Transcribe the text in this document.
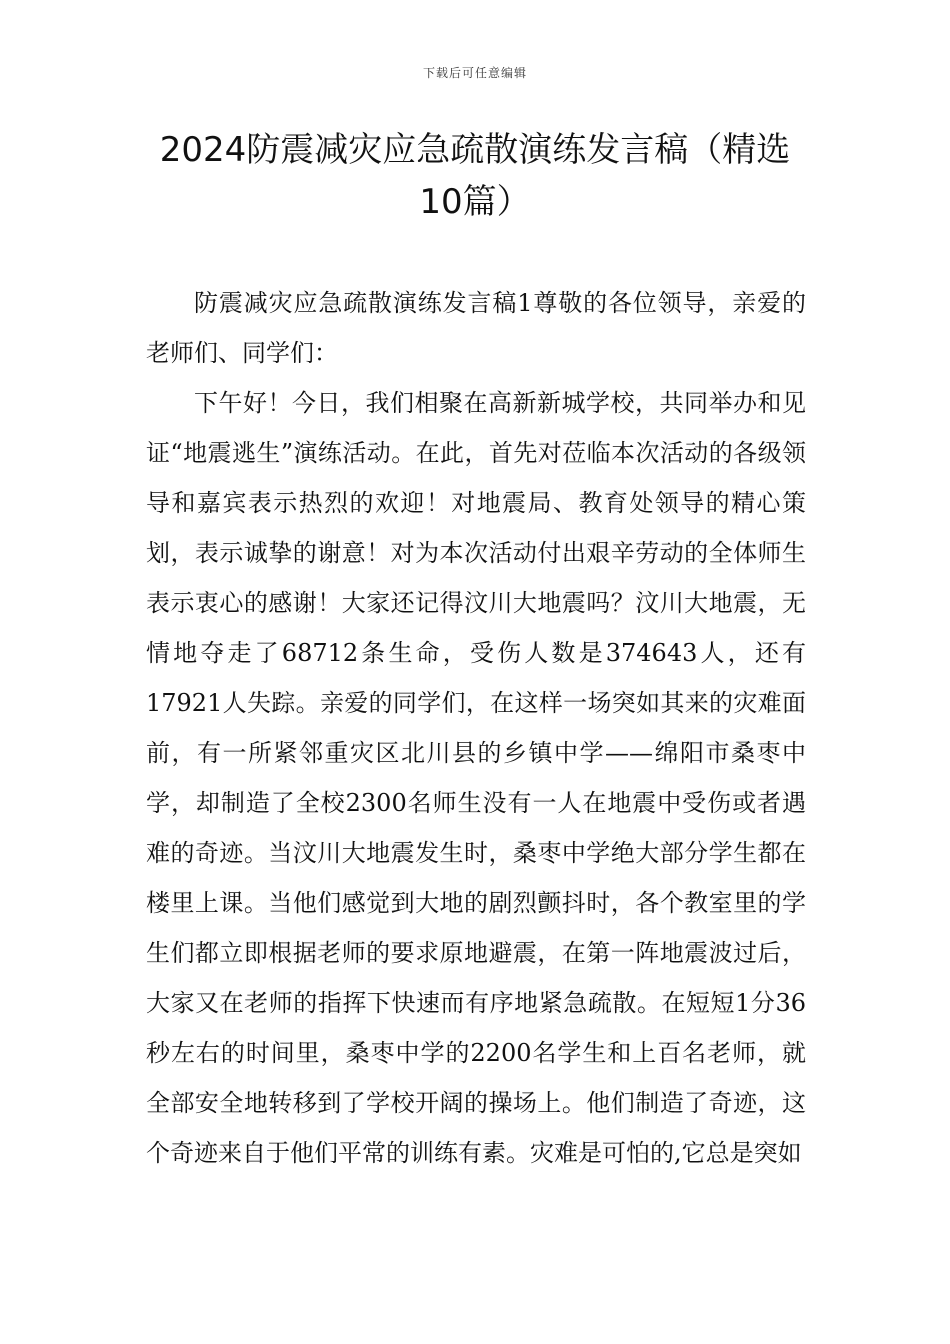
下载后可任意编辑
2024防震减灾应急疏散演练发言稿（精选10篇）

防震减灾应急疏散演练发言稿1尊敬的各位领导，亲爱的老师们、同学们：

下午好！今日，我们相聚在高新新城学校，共同举办和见证“地震逃生”演练活动。在此，首先对莅临本次活动的各级领导和嘉宾表示热烈的欢迎！对地震局、教育处领导的精心策划，表示诚挚的谢意！对为本次活动付出艰辛劳动的全体师生表示衷心的感谢！大家还记得汶川大地震吗？汶川大地震，无情地夺走了68712条生命，受伤人数是374643人，还有17921人失踪。亲爱的同学们，在这样一场突如其来的灾难面前，有一所紧邻重灾区北川县的乡镇中学——绵阳市桑枣中学，却制造了全校2300名师生没有一人在地震中受伤或者遇难的奇迹。当汶川大地震发生时，桑枣中学绝大部分学生都在楼里上课。当他们感觉到大地的剧烈颤抖时，各个教室里的学生们都立即根据老师的要求原地避震，在第一阵地震波过后，大家又在老师的指挥下快速而有序地紧急疏散。在短短1分36秒左右的时间里，桑枣中学的2200名学生和上百名老师，就全部安全地转移到了学校开阔的操场上。他们制造了奇迹，这个奇迹来自于他们平常的训练有素。灾难是可怕的,它总是突如
